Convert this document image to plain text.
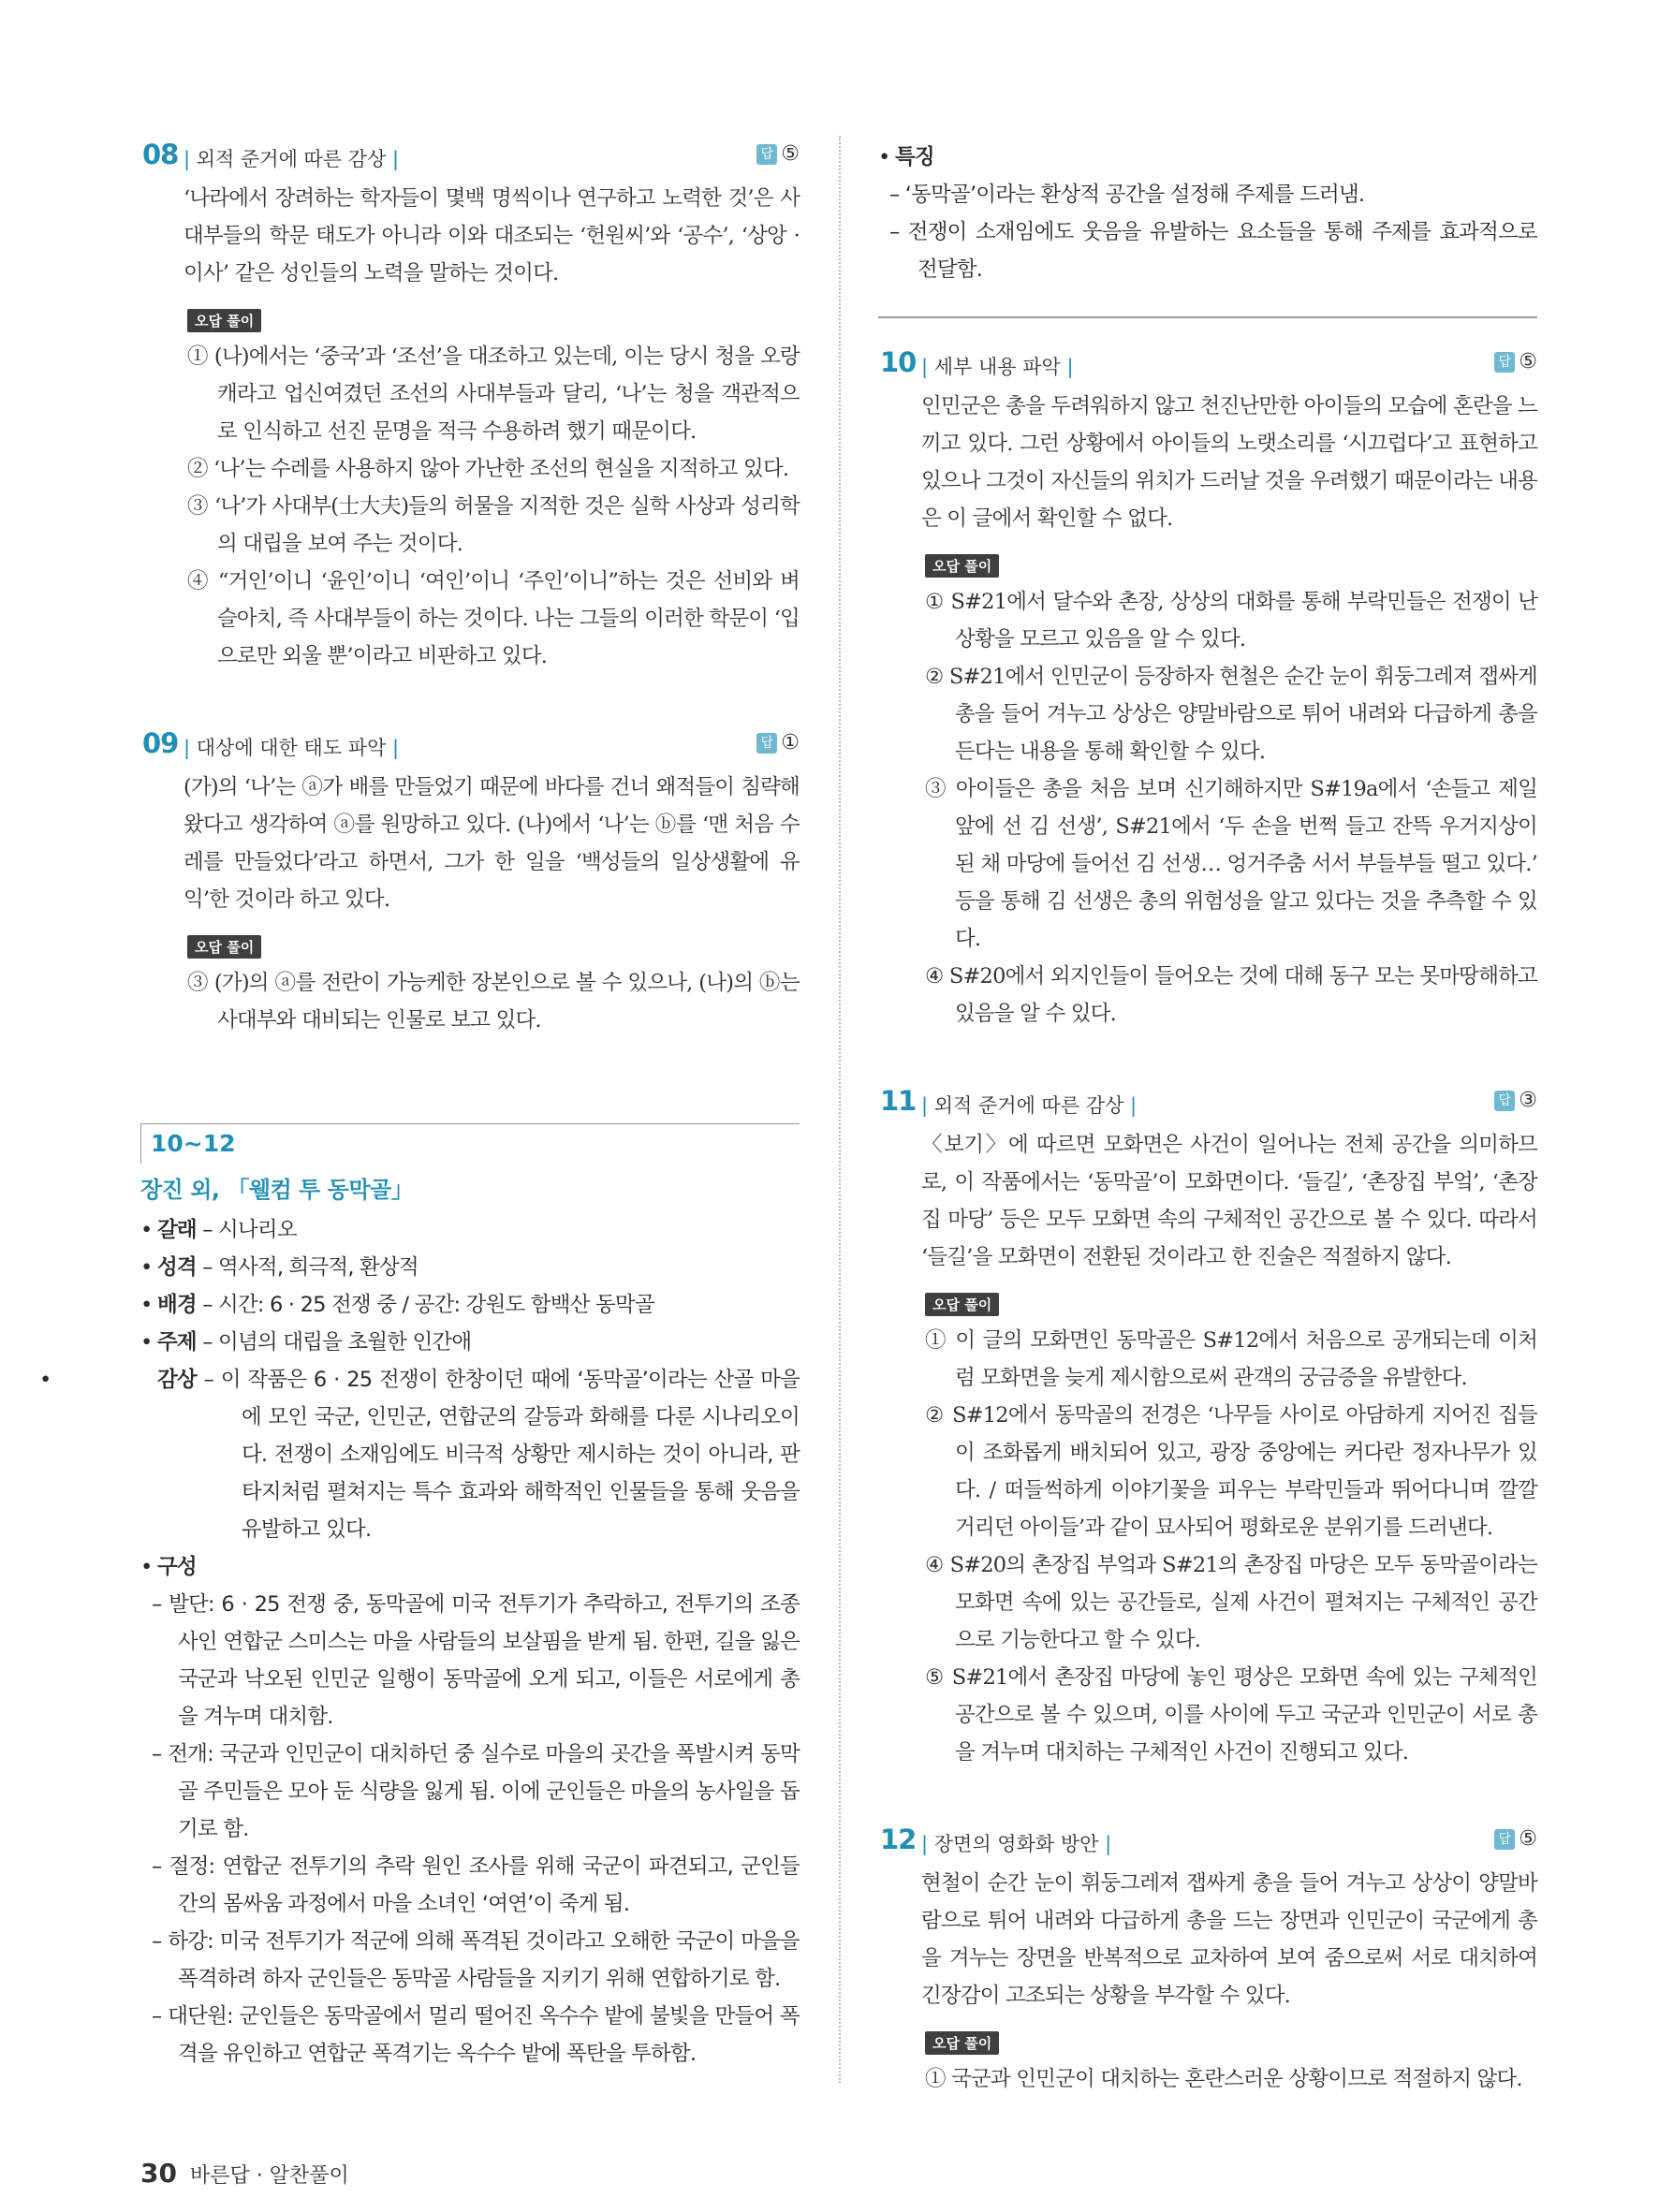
08 | 외적 준거에 따른 감상 |	답 ⑤

‘나라에서 장려하는 학자들이 몇백 명씩이나 연구하고 노력한 것’은 사대부들의 학문 태도가 아니라 이와 대조되는 ‘헌원씨’와 ‘공수’, ‘상앙 · 이사’ 같은 성인들의 노력을 말하는 것이다.

오답 풀이
① (나)에서는 ‘중국’과 ‘조선’을 대조하고 있는데, 이는 당시 청을 오랑캐라고 업신여겼던 조선의 사대부들과 달리, ‘나’는 청을 객관적으로 인식하고 선진 문명을 적극 수용하려 했기 때문이다.
② ‘나’는 수레를 사용하지 않아 가난한 조선의 현실을 지적하고 있다.
③ ‘나’가 사대부(士大夫)들의 허물을 지적한 것은 실학 사상과 성리학의 대립을 보여 주는 것이다.
④ “거인’이니 ‘윤인’이니 ‘여인’이니 ‘주인’이니”하는 것은 선비와 벼슬아치, 즉 사대부들이 하는 것이다. 나는 그들의 이러한 학문이 ‘입으로만 외울 뿐’이라고 비판하고 있다.
09 | 대상에 대한 태도 파악 |	답 ①

(가)의 ‘나’는 ⓐ가 배를 만들었기 때문에 바다를 건너 왜적들이 침략해 왔다고 생각하여 ⓐ를 원망하고 있다. (나)에서 ‘나’는 ⓑ를 ‘맨 처음 수레를 만들었다’라고 하면서, 그가 한 일을 ‘백성들의 일상생활에 유익’한 것이라 하고 있다.

오답 풀이
③ (가)의 ⓐ를 전란이 가능케한 장본인으로 볼 수 있으나, (나)의 ⓑ는 사대부와 대비되는 인물로 보고 있다.
10~12
장진 외, 「웰컴 투 동막골」
• 갈래 – 시나리오
• 성격 – 역사적, 희극적, 환상적
• 배경 – 시간: 6 · 25 전쟁 중 / 공간: 강원도 함백산 동막골
• 주제 – 이념의 대립을 초월한 인간애
•	감상 – 이 작품은 6 · 25 전쟁이 한창이던 때에 ‘동막골’이라는 산골 마을에 모인 국군, 인민군, 연합군의 갈등과 화해를 다룬 시나리오이다. 전쟁이 소재임에도 비극적 상황만 제시하는 것이 아니라, 판타지처럼 펼쳐지는 특수 효과와 해학적인 인물들을 통해 웃음을 유발하고 있다.
• 구성
– 발단: 6 · 25 전쟁 중, 동막골에 미국 전투기가 추락하고, 전투기의 조종사인 연합군 스미스는 마을 사람들의 보살핌을 받게 됨. 한편, 길을 잃은 국군과 낙오된 인민군 일행이 동막골에 오게 되고, 이들은 서로에게 총을 겨누며 대치함.
– 전개: 국군과 인민군이 대치하던 중 실수로 마을의 곳간을 폭발시켜 동막골 주민들은 모아 둔 식량을 잃게 됨. 이에 군인들은 마을의 농사일을 돕기로 함.
– 절정: 연합군 전투기의 추락 원인 조사를 위해 국군이 파견되고, 군인들 간의 몸싸움 과정에서 마을 소녀인 ‘여연’이 죽게 됨.
– 하강: 미국 전투기가 적군에 의해 폭격된 것이라고 오해한 국군이 마을을 폭격하려 하자 군인들은 동막골 사람들을 지키기 위해 연합하기로 함.
– 대단원: 군인들은 동막골에서 멀리 떨어진 옥수수 밭에 불빛을 만들어 폭격을 유인하고 연합군 폭격기는 옥수수 밭에 폭탄을 투하함.
• 특징
– ‘동막골’이라는 환상적 공간을 설정해 주제를 드러냄.
– 전쟁이 소재임에도 웃음을 유발하는 요소들을 통해 주제를 효과적으로 전달함.
10 | 세부 내용 파악 |	답 ⑤

인민군은 총을 두려워하지 않고 천진난만한 아이들의 모습에 혼란을 느끼고 있다. 그런 상황에서 아이들의 노랫소리를 ‘시끄럽다’고 표현하고 있으나 그것이 자신들의 위치가 드러날 것을 우려했기 때문이라는 내용은 이 글에서 확인할 수 없다.

오답 풀이
① S#21에서 달수와 촌장, 상상의 대화를 통해 부락민들은 전쟁이 난 상황을 모르고 있음을 알 수 있다.
② S#21에서 인민군이 등장하자 현철은 순간 눈이 휘둥그레져 잽싸게 총을 들어 겨누고 상상은 양말바람으로 튀어 내려와 다급하게 총을 든다는 내용을 통해 확인할 수 있다.
③ 아이들은 총을 처음 보며 신기해하지만 S#19a에서 ‘손들고 제일 앞에 선 김 선생’, S#21에서 ‘두 손을 번쩍 들고 잔뜩 우거지상이 된 채 마당에 들어선 김 선생… 엉거주춤 서서 부들부들 떨고 있다.’ 등을 통해 김 선생은 총의 위험성을 알고 있다는 것을 추측할 수 있다.
④ S#20에서 외지인들이 들어오는 것에 대해 동구 모는 못마땅해하고 있음을 알 수 있다.
11 | 외적 준거에 따른 감상 |	답 ③

〈보기〉에 따르면 모화면은 사건이 일어나는 전체 공간을 의미하므로, 이 작품에서는 ‘동막골’이 모화면이다. ‘들길’, ‘촌장집 부엌’, ‘촌장집 마당’ 등은 모두 모화면 속의 구체적인 공간으로 볼 수 있다. 따라서 ‘들길’을 모화면이 전환된 것이라고 한 진술은 적절하지 않다.

오답 풀이
① 이 글의 모화면인 동막골은 S#12에서 처음으로 공개되는데 이처럼 모화면을 늦게 제시함으로써 관객의 궁금증을 유발한다.
② S#12에서 동막골의 전경은 ‘나무들 사이로 아담하게 지어진 집들이 조화롭게 배치되어 있고, 광장 중앙에는 커다란 정자나무가 있다. / 떠들썩하게 이야기꽃을 피우는 부락민들과 뛰어다니며 깔깔거리던 아이들’과 같이 묘사되어 평화로운 분위기를 드러낸다.
④ S#20의 촌장집 부엌과 S#21의 촌장집 마당은 모두 동막골이라는 모화면 속에 있는 공간들로, 실제 사건이 펼쳐지는 구체적인 공간으로 기능한다고 할 수 있다.
⑤ S#21에서 촌장집 마당에 놓인 평상은 모화면 속에 있는 구체적인 공간으로 볼 수 있으며, 이를 사이에 두고 국군과 인민군이 서로 총을 겨누며 대치하는 구체적인 사건이 진행되고 있다.
12 | 장면의 영화화 방안 |	답 ⑤

현철이 순간 눈이 휘둥그레져 잽싸게 총을 들어 겨누고 상상이 양말바람으로 튀어 내려와 다급하게 총을 드는 장면과 인민군이 국군에게 총을 겨누는 장면을 반복적으로 교차하여 보여 줌으로써 서로 대치하여 긴장감이 고조되는 상황을 부각할 수 있다.

오답 풀이
① 국군과 인민군이 대치하는 혼란스러운 상황이므로 적절하지 않다.
30 바른답 · 알찬풀이
